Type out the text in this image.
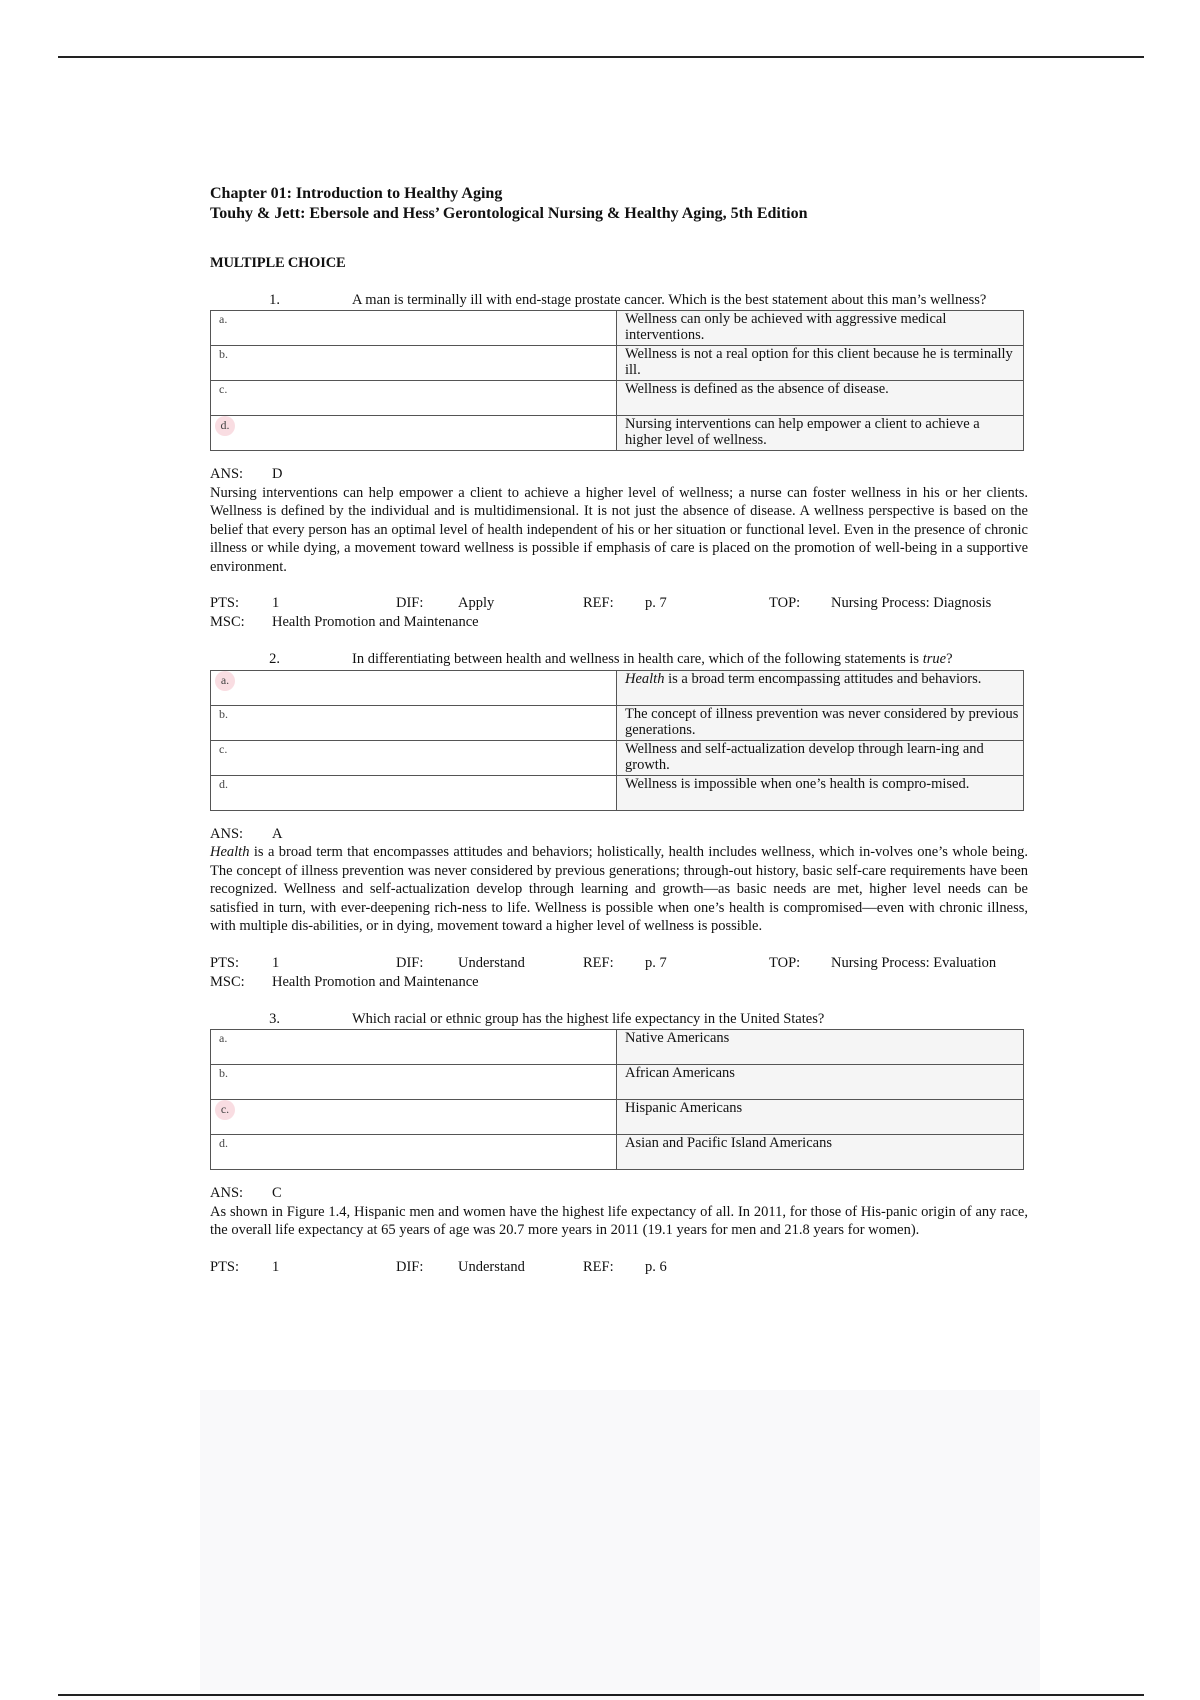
Chapter 01: Introduction to Healthy Aging
Touhy & Jett: Ebersole and Hess’ Gerontological Nursing & Healthy Aging, 5th Edition
MULTIPLE CHOICE
1.	A man is terminally ill with end-stage prostate cancer. Which is the best statement about this man’s wellness?
a.	Wellness can only be achieved with aggressive medical interventions.
b.	Wellness is not a real option for this client because he is terminally ill.
c.	Wellness is defined as the absence of disease.
d.	Nursing interventions can help empower a client to achieve a higher level of wellness.
ANS: D
Nursing interventions can help empower a client to achieve a higher level of wellness; a nurse can foster wellness in his or her clients. Wellness is defined by the individual and is multidimensional. It is not just the absence of disease. A wellness perspective is based on the belief that every person has an optimal level of health independent of his or her situation or functional level. Even in the presence of chronic illness or while dying, a movement toward wellness is possible if emphasis of care is placed on the promotion of well-being in a supportive environment.
PTS:	1	DIF:	Apply	REF:	p. 7	TOP:	Nursing Process: Diagnosis
MSC:	Health Promotion and Maintenance
2.	In differentiating between health and wellness in health care, which of the following statements is true?
a.	Health is a broad term encompassing attitudes and behaviors.
b.	The concept of illness prevention was never considered by previous generations.
c.	Wellness and self-actualization develop through learn-ing and growth.
d.	Wellness is impossible when one’s health is compro-mised.
ANS: A
Health is a broad term that encompasses attitudes and behaviors; holistically, health includes wellness, which in-volves one’s whole being. The concept of illness prevention was never considered by previous generations; through-out history, basic self-care requirements have been recognized. Wellness and self-actualization develop through learning and growth—as basic needs are met, higher level needs can be satisfied in turn, with ever-deepening rich-ness to life. Wellness is possible when one’s health is compromised—even with chronic illness, with multiple dis-abilities, or in dying, movement toward a higher level of wellness is possible.
PTS:	1	DIF:	Understand	REF:	p. 7	TOP:	Nursing Process: Evaluation
MSC:	Health Promotion and Maintenance
3.	Which racial or ethnic group has the highest life expectancy in the United States?
a.	Native Americans
b.	African Americans
c.	Hispanic Americans
d.	Asian and Pacific Island Americans
ANS: C
As shown in Figure 1.4, Hispanic men and women have the highest life expectancy of all. In 2011, for those of His-panic origin of any race, the overall life expectancy at 65 years of age was 20.7 more years in 2011 (19.1 years for men and 21.8 years for women).
PTS:	1	DIF:	Understand	REF:	p. 6
